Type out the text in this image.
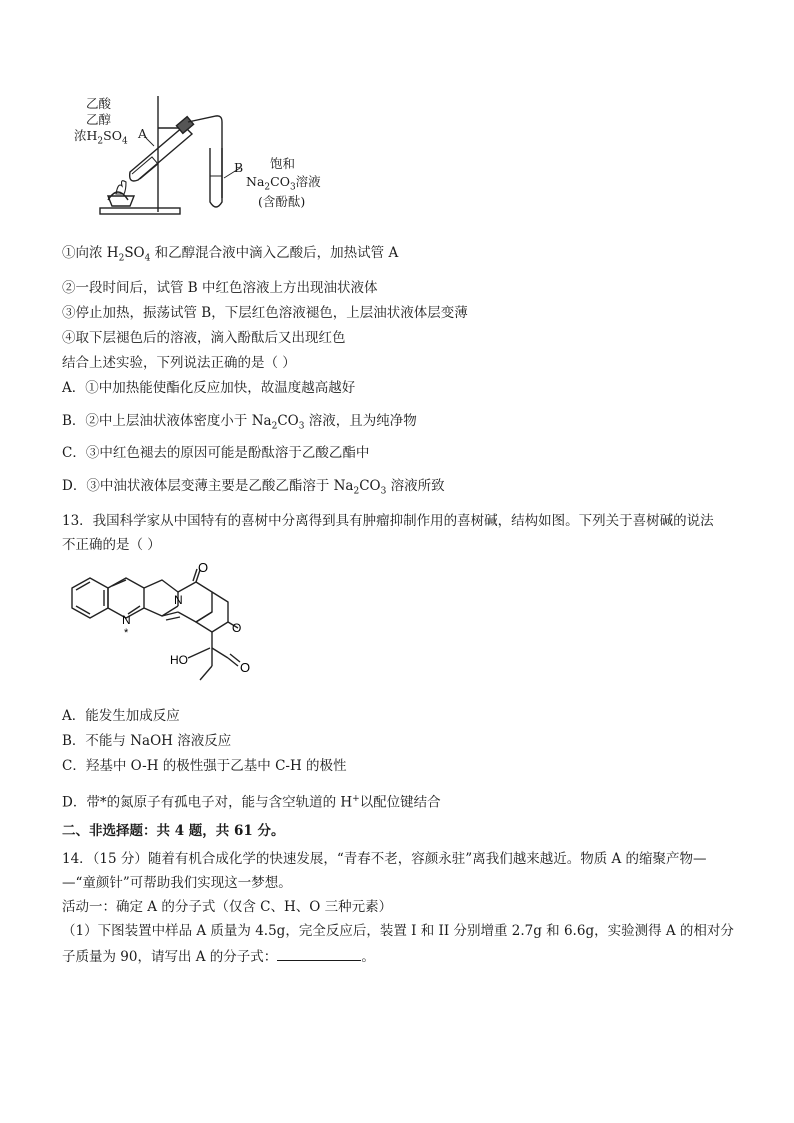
乙酸
乙醇
浓$H_2SO_4$
A
B 饱和
$Na_2CO_3$溶液
(含酚酞)
①向浓 $H_2SO_4$ 和乙醇混合液中滴入乙酸后，加热试管 A
②一段时间后，试管 B 中红色溶液上方出现油状液体
③停止加热，振荡试管 B，下层红色溶液褪色，上层油状液体层变薄
④取下层褪色后的溶液，滴入酚酞后又出现红色
结合上述实验，下列说法正确的是（ ）
A．①中加热能使酯化反应加快，故温度越高越好
B．②中上层油状液体密度小于 $Na_2CO_3$ 溶液，且为纯净物
C．③中红色褪去的原因可能是酚酞溶于乙酸乙酯中
D．③中油状液体层变薄主要是乙酸乙酯溶于 $Na_2CO_3$ 溶液所致
13．我国科学家从中国特有的喜树中分离得到具有肿瘤抑制作用的喜树碱，结构如图。下列关于喜树碱的说法
不正确的是（ ）
O
N
N
*	O
O
HO
A．能发生加成反应
B．不能与 NaOH 溶液反应
C．羟基中 O-H 的极性强于乙基中 C-H 的极性
D．带*的氮原子有孤电子对，能与含空轨道的 H+以配位键结合
二、非选择题：共 4 题，共 61 分。
14．（15 分）随着有机合成化学的快速发展，“青春不老，容颜永驻”离我们越来越近。物质 A 的缩聚产物—
—“童颜针”可帮助我们实现这一梦想。
活动一：确定 A 的分子式（仅含 C、H、O 三种元素）
（1）下图装置中样品 A 质量为 4.5g，完全反应后，装置 I 和 II 分别增重 2.7g 和 6.6g，实验测得 A 的相对分
子质量为 90，请写出 A 的分子式：	。
